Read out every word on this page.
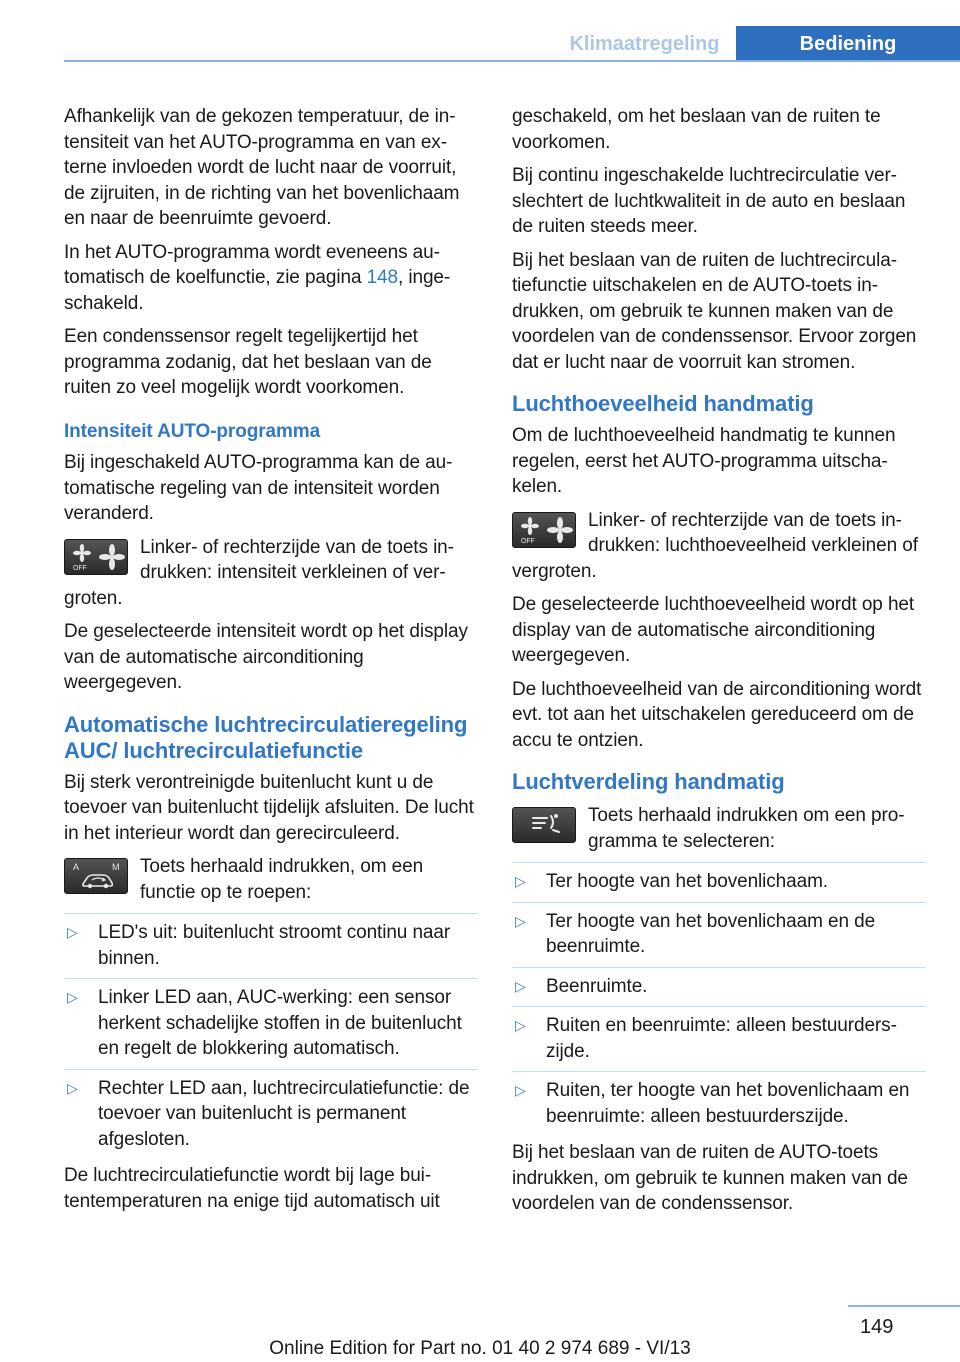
Klimaatregeling	Bediening

Afhankelijk van de gekozen temperatuur, de intensiteit van het AUTO-programma en van externe invloeden wordt de lucht naar de voorruit, de zijruiten, in de richting van het bovenlichaam en naar de beenruimte gevoerd.

In het AUTO-programma wordt eveneens automatisch de koelfunctie, zie pagina 148, ingeschakeld.

Een condenssensor regelt tegelijkertijd het programma zodanig, dat het beslaan van de ruiten zo veel mogelijk wordt voorkomen.

Intensiteit AUTO-programma

Bij ingeschakeld AUTO-programma kan de automatische regeling van de intensiteit worden veranderd.

OFF
Linker- of rechterzijde van de toets indrukken: intensiteit verkleinen of vergroten.

De geselecteerde intensiteit wordt op het display van de automatische airconditioning weergegeven.

Automatische luchtrecirculatieregeling AUC/ luchtrecirculatiefunctie

Bij sterk verontreinigde buitenlucht kunt u de toevoer van buitenlucht tijdelijk afsluiten. De lucht in het interieur wordt dan gerecirculeerd.

A	M Toets herhaald indrukken, om een functie op te roepen:
▷ LED's uit: buitenlucht stroomt continu naar binnen.
▷ Linker LED aan, AUC-werking: een sensor herkent schadelijke stoffen in de buitenlucht en regelt de blokkering automatisch.
▷ Rechter LED aan, luchtrecirculatiefunctie: de toevoer van buitenlucht is permanent afgesloten.

De luchtrecirculatiefunctie wordt bij lage buitentemperaturen na enige tijd automatisch uit

geschakeld, om het beslaan van de ruiten te voorkomen.

Bij continu ingeschakelde luchtrecirculatie verslechtert de luchtkwaliteit in de auto en beslaan de ruiten steeds meer.

Bij het beslaan van de ruiten de luchtrecirculatiefunctie uitschakelen en de AUTO-toets indrukken, om gebruik te kunnen maken van de voordelen van de condenssensor. Ervoor zorgen dat er lucht naar de voorruit kan stromen.

Luchthoeveelheid handmatig

Om de luchthoeveelheid handmatig te kunnen regelen, eerst het AUTO-programma uitschakelen.

OFF
Linker- of rechterzijde van de toets indrukken: luchthoeveelheid verkleinen of vergroten.

De geselecteerde luchthoeveelheid wordt op het display van de automatische airconditioning weergegeven.

De luchthoeveelheid van de airconditioning wordt evt. tot aan het uitschakelen gereduceerd om de accu te ontzien.

Luchtverdeling handmatig
Toets herhaald indrukken om een programma te selecteren:
▷ Ter hoogte van het bovenlichaam.
▷ Ter hoogte van het bovenlichaam en de beenruimte.
▷ Beenruimte.
▷ Ruiten en beenruimte: alleen bestuurderszijde.
▷ Ruiten, ter hoogte van het bovenlichaam en beenruimte: alleen bestuurderszijde.

Bij het beslaan van de ruiten de AUTO-toets indrukken, om gebruik te kunnen maken van de voordelen van de condenssensor.

149
Online Edition for Part no. 01 40 2 974 689 - VI/13
